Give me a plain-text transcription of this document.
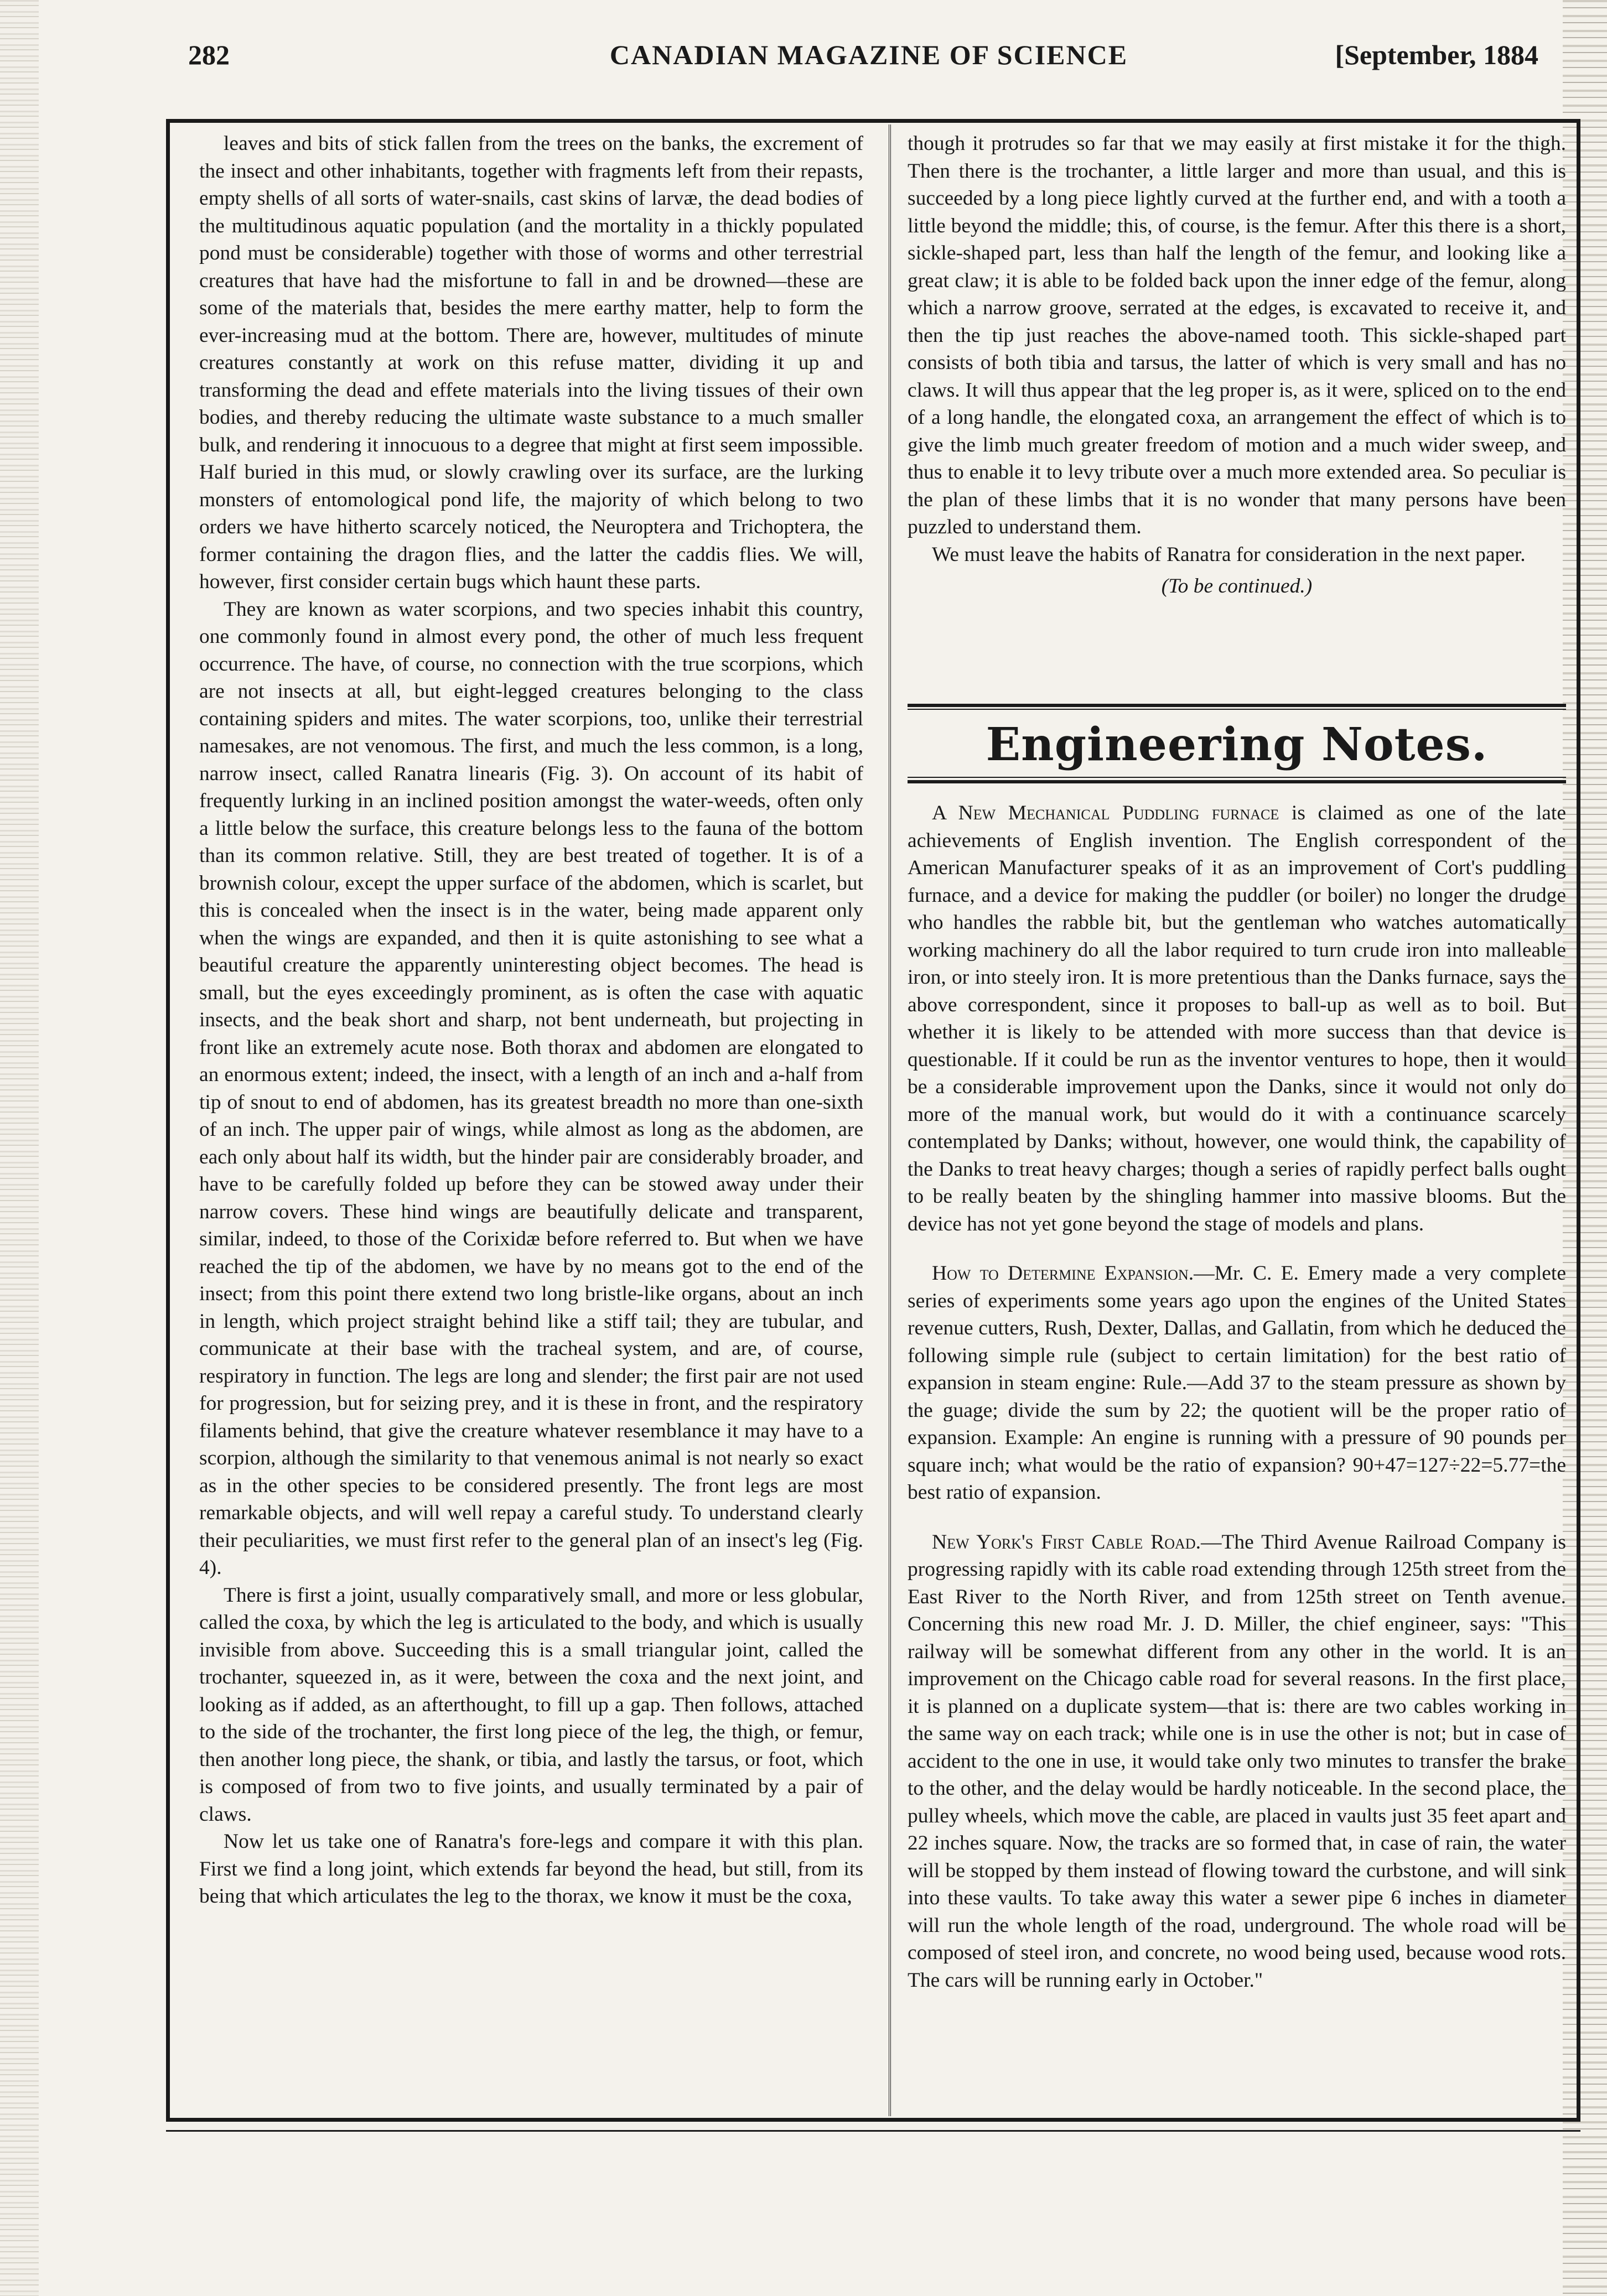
282	CANADIAN MAGAZINE OF SCIENCE	[September, 1884

leaves and bits of stick fallen from the trees on the banks, the excrement of the insect and other inhabitants, together with fragments left from their repasts, empty shells of all sorts of water-snails, cast skins of larvæ, the dead bodies of the multitudinous aquatic population (and the mortality in a thickly populated pond must be considerable) together with those of worms and other terrestrial creatures that have had the misfortune to fall in and be drowned—these are some of the materials that, besides the mere earthy matter, help to form the ever-increasing mud at the bottom. There are, however, multitudes of minute creatures constantly at work on this refuse matter, dividing it up and transforming the dead and effete materials into the living tissues of their own bodies, and thereby reducing the ultimate waste substance to a much smaller bulk, and rendering it innocuous to a degree that might at first seem impossible. Half buried in this mud, or slowly crawling over its surface, are the lurking monsters of entomological pond life, the majority of which belong to two orders we have hitherto scarcely noticed, the Neuroptera and Trichoptera, the former containing the dragon flies, and the latter the caddis flies. We will, however, first consider certain bugs which haunt these parts.

They are known as water scorpions, and two species inhabit this country, one commonly found in almost every pond, the other of much less frequent occurrence. The have, of course, no connection with the true scorpions, which are not insects at all, but eight-legged creatures belonging to the class containing spiders and mites. The water scorpions, too, unlike their terrestrial namesakes, are not venomous. The first, and much the less common, is a long, narrow insect, called Ranatra linearis (Fig. 3). On account of its habit of frequently lurking in an inclined position amongst the water-weeds, often only a little below the surface, this creature belongs less to the fauna of the bottom than its common relative. Still, they are best treated of together. It is of a brownish colour, except the upper surface of the abdomen, which is scarlet, but this is concealed when the insect is in the water, being made apparent only when the wings are expanded, and then it is quite astonishing to see what a beautiful creature the apparently uninteresting object becomes. The head is small, but the eyes exceedingly prominent, as is often the case with aquatic insects, and the beak short and sharp, not bent underneath, but projecting in front like an extremely acute nose. Both thorax and abdomen are elongated to an enormous extent; indeed, the insect, with a length of an inch and a-half from tip of snout to end of abdomen, has its greatest breadth no more than one-sixth of an inch. The upper pair of wings, while almost as long as the abdomen, are each only about half its width, but the hinder pair are considerably broader, and have to be carefully folded up before they can be stowed away under their narrow covers. These hind wings are beautifully delicate and transparent, similar, indeed, to those of the Corixidæ before referred to. But when we have reached the tip of the abdomen, we have by no means got to the end of the insect; from this point there extend two long bristle-like organs, about an inch in length, which project straight behind like a stiff tail; they are tubular, and communicate at their base with the tracheal system, and are, of course, respiratory in function. The legs are long and slender; the first pair are not used for progression, but for seizing prey, and it is these in front, and the respiratory filaments behind, that give the creature whatever resemblance it may have to a scorpion, although the similarity to that venemous animal is not nearly so exact as in the other species to be considered presently. The front legs are most remarkable objects, and will well repay a careful study. To understand clearly their peculiarities, we must first refer to the general plan of an insect's leg (Fig. 4).

There is first a joint, usually comparatively small, and more or less globular, called the coxa, by which the leg is articulated to the body, and which is usually invisible from above. Succeeding this is a small triangular joint, called the trochanter, squeezed in, as it were, between the coxa and the next joint, and looking as if added, as an afterthought, to fill up a gap. Then follows, attached to the side of the trochanter, the first long piece of the leg, the thigh, or femur, then another long piece, the shank, or tibia, and lastly the tarsus, or foot, which is composed of from two to five joints, and usually terminated by a pair of claws.

Now let us take one of Ranatra's fore-legs and compare it with this plan. First we find a long joint, which extends far beyond the head, but still, from its being that which articulates the leg to the thorax, we know it must be the coxa,

though it protrudes so far that we may easily at first mistake it for the thigh. Then there is the trochanter, a little larger and more than usual, and this is succeeded by a long piece lightly curved at the further end, and with a tooth a little beyond the middle; this, of course, is the femur. After this there is a short, sickle-shaped part, less than half the length of the femur, and looking like a great claw; it is able to be folded back upon the inner edge of the femur, along which a narrow groove, serrated at the edges, is excavated to receive it, and then the tip just reaches the above-named tooth. This sickle-shaped part consists of both tibia and tarsus, the latter of which is very small and has no claws. It will thus appear that the leg proper is, as it were, spliced on to the end of a long handle, the elongated coxa, an arrangement the effect of which is to give the limb much greater freedom of motion and a much wider sweep, and thus to enable it to levy tribute over a much more extended area. So peculiar is the plan of these limbs that it is no wonder that many persons have been puzzled to understand them.

We must leave the habits of Ranatra for consideration in the next paper.

(To be continued.)

Engineering Notes.

A New Mechanical Puddling furnace is claimed as one of the late achievements of English invention. The English correspondent of the American Manufacturer speaks of it as an improvement of Cort's puddling furnace, and a device for making the puddler (or boiler) no longer the drudge who handles the rabble bit, but the gentleman who watches automatically working machinery do all the labor required to turn crude iron into malleable iron, or into steely iron. It is more pretentious than the Danks furnace, says the above correspondent, since it proposes to ball-up as well as to boil. But whether it is likely to be attended with more success than that device is questionable. If it could be run as the inventor ventures to hope, then it would be a considerable improvement upon the Danks, since it would not only do more of the manual work, but would do it with a continuance scarcely contemplated by Danks; without, however, one would think, the capability of the Danks to treat heavy charges; though a series of rapidly perfect balls ought to be really beaten by the shingling hammer into massive blooms. But the device has not yet gone beyond the stage of models and plans.

How to Determine Expansion.—Mr. C. E. Emery made a very complete series of experiments some years ago upon the engines of the United States revenue cutters, Rush, Dexter, Dallas, and Gallatin, from which he deduced the following simple rule (subject to certain limitation) for the best ratio of expansion in steam engine: Rule.—Add 37 to the steam pressure as shown by the guage; divide the sum by 22; the quotient will be the proper ratio of expansion. Example: An engine is running with a pressure of 90 pounds per square inch; what would be the ratio of expansion? 90+47=127÷22=5.77=the best ratio of expansion.

New York's First Cable Road.—The Third Avenue Railroad Company is progressing rapidly with its cable road extending through 125th street from the East River to the North River, and from 125th street on Tenth avenue. Concerning this new road Mr. J. D. Miller, the chief engineer, says: "This railway will be somewhat different from any other in the world. It is an improvement on the Chicago cable road for several reasons. In the first place, it is planned on a duplicate system—that is: there are two cables working in the same way on each track; while one is in use the other is not; but in case of accident to the one in use, it would take only two minutes to transfer the brake to the other, and the delay would be hardly noticeable. In the second place, the pulley wheels, which move the cable, are placed in vaults just 35 feet apart and 22 inches square. Now, the tracks are so formed that, in case of rain, the water will be stopped by them instead of flowing toward the curbstone, and will sink into these vaults. To take away this water a sewer pipe 6 inches in diameter will run the whole length of the road, underground. The whole road will be composed of steel iron, and concrete, no wood being used, because wood rots. The cars will be running early in October."
